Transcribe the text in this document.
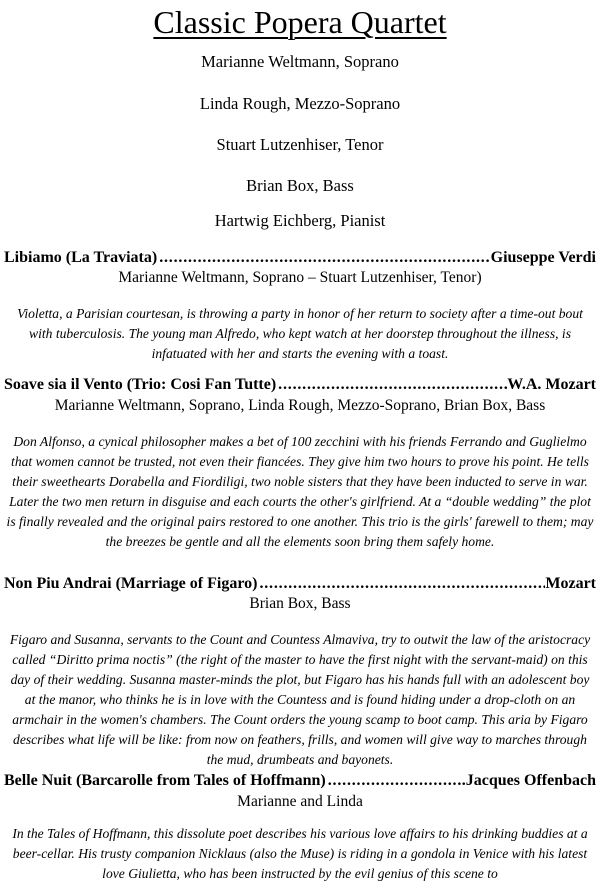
Classic Popera Quartet
Marianne Weltmann, Soprano
Linda Rough, Mezzo-Soprano
Stuart Lutzenhiser, Tenor
Brian Box, Bass
Hartwig Eichberg, Pianist
Libiamo (La Traviata) . . .	Giuseppe Verdi
Marianne Weltmann, Soprano – Stuart Lutzenhiser, Tenor)
Violetta, a Parisian courtesan, is throwing a party in honor of her return to society after a time-out bout with tuberculosis. The young man Alfredo, who kept watch at her doorstep throughout the illness, is infatuated with her and starts the evening with a toast.
Soave sia il Vento (Trio: Cosi Fan Tutte) . . .	W.A. Mozart
Marianne Weltmann, Soprano, Linda Rough, Mezzo-Soprano, Brian Box, Bass
Don Alfonso, a cynical philosopher makes a bet of 100 zecchini with his friends Ferrando and Guglielmo that women cannot be trusted, not even their fiancées. They give him two hours to prove his point. He tells their sweethearts Dorabella and Fiordiligi, two noble sisters that they have been inducted to serve in war. Later the two men return in disguise and each courts the other's girlfriend. At a “double wedding” the plot is finally revealed and the original pairs restored to one another. This trio is the girls' farewell to them; may the breezes be gentle and all the elements soon bring them safely home.
Non Piu Andrai (Marriage of Figaro) . . .	Mozart
Brian Box, Bass
Figaro and Susanna, servants to the Count and Countess Almaviva, try to outwit the law of the aristocracy called “Diritto prima noctis” (the right of the master to have the first night with the servant-maid) on this day of their wedding. Susanna master-minds the plot, but Figaro has his hands full with an adolescent boy at the manor, who thinks he is in love with the Countess and is found hiding under a drop-cloth on an armchair in the women's chambers. The Count orders the young scamp to boot camp. This aria by Figaro describes what life will be like: from now on feathers, frills, and women will give way to marches through the mud, drumbeats and bayonets.
Belle Nuit (Barcarolle from Tales of Hoffmann) . . .	.Jacques Offenbach
Marianne and Linda
In the Tales of Hoffmann, this dissolute poet describes his various love affairs to his drinking buddies at a beer-cellar. His trusty companion Nicklaus (also the Muse) is riding in a gondola in Venice with his latest love Giulietta, who has been instructed by the evil genius of this scene to
